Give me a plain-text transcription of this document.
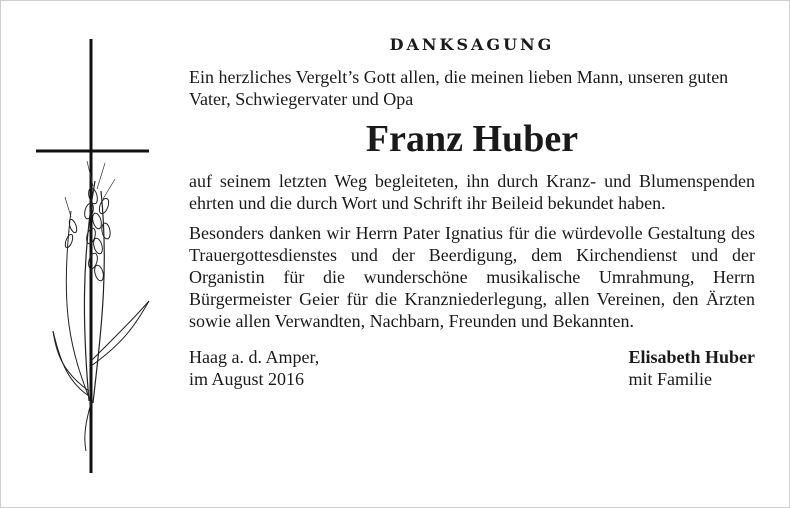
DANKSAGUNG

Ein herzliches Vergelt’s Gott allen, die meinen lieben Mann, unseren guten Vater, Schwiegervater und Opa

Franz Huber

auf seinem letzten Weg begleiteten, ihn durch Kranz- und Blumenspenden ehrten und die durch Wort und Schrift ihr Beileid bekundet haben.

Besonders danken wir Herrn Pater Ignatius für die würdevolle Gestaltung des Trauergottesdienstes und der Beerdigung, dem Kirchendienst und der Organistin für die wunderschöne musikalische Umrahmung, Herrn Bürgermeister Geier für die Kranzniederlegung, allen Vereinen, den Ärzten sowie allen Verwandten, Nachbarn, Freunden und Bekannten.

Haag a. d. Amper,
im August 2016
Elisabeth Huber
mit Familie
